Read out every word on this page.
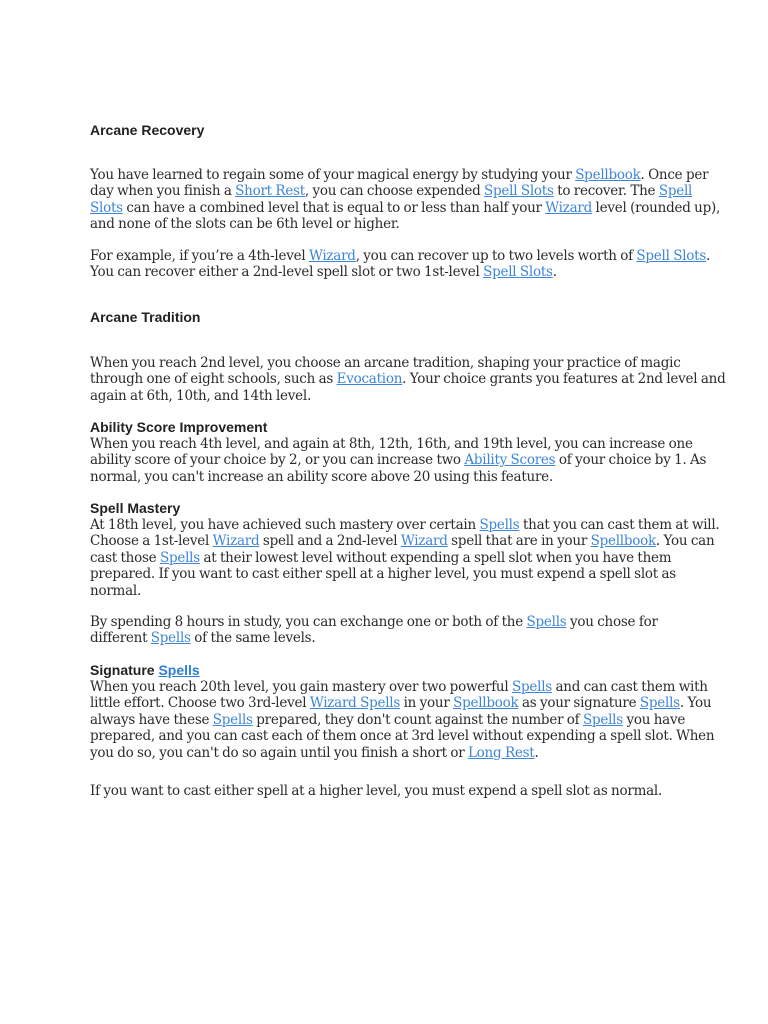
Arcane Recovery
You have learned to regain some of your magical energy by studying your Spellbook. Once per
day when you finish a Short Rest, you can choose expended Spell Slots to recover. The Spell
Slots can have a combined level that is equal to or less than half your Wizard level (rounded up),
and none of the slots can be 6th level or higher.
For example, if you’re a 4th-level Wizard, you can recover up to two levels worth of Spell Slots.
You can recover either a 2nd-level spell slot or two 1st-level Spell Slots.
Arcane Tradition
When you reach 2nd level, you choose an arcane tradition, shaping your practice of magic
through one of eight schools, such as Evocation. Your choice grants you features at 2nd level and
again at 6th, 10th, and 14th level.
Ability Score Improvement
When you reach 4th level, and again at 8th, 12th, 16th, and 19th level, you can increase one
ability score of your choice by 2, or you can increase two Ability Scores of your choice by 1. As
normal, you can't increase an ability score above 20 using this feature.
Spell Mastery
At 18th level, you have achieved such mastery over certain Spells that you can cast them at will.
Choose a 1st-level Wizard spell and a 2nd-level Wizard spell that are in your Spellbook. You can
cast those Spells at their lowest level without expending a spell slot when you have them
prepared. If you want to cast either spell at a higher level, you must expend a spell slot as
normal.
By spending 8 hours in study, you can exchange one or both of the Spells you chose for
different Spells of the same levels.
Signature Spells
When you reach 20th level, you gain mastery over two powerful Spells and can cast them with
little effort. Choose two 3rd-level Wizard Spells in your Spellbook as your signature Spells. You
always have these Spells prepared, they don't count against the number of Spells you have
prepared, and you can cast each of them once at 3rd level without expending a spell slot. When
you do so, you can't do so again until you finish a short or Long Rest.
If you want to cast either spell at a higher level, you must expend a spell slot as normal.
